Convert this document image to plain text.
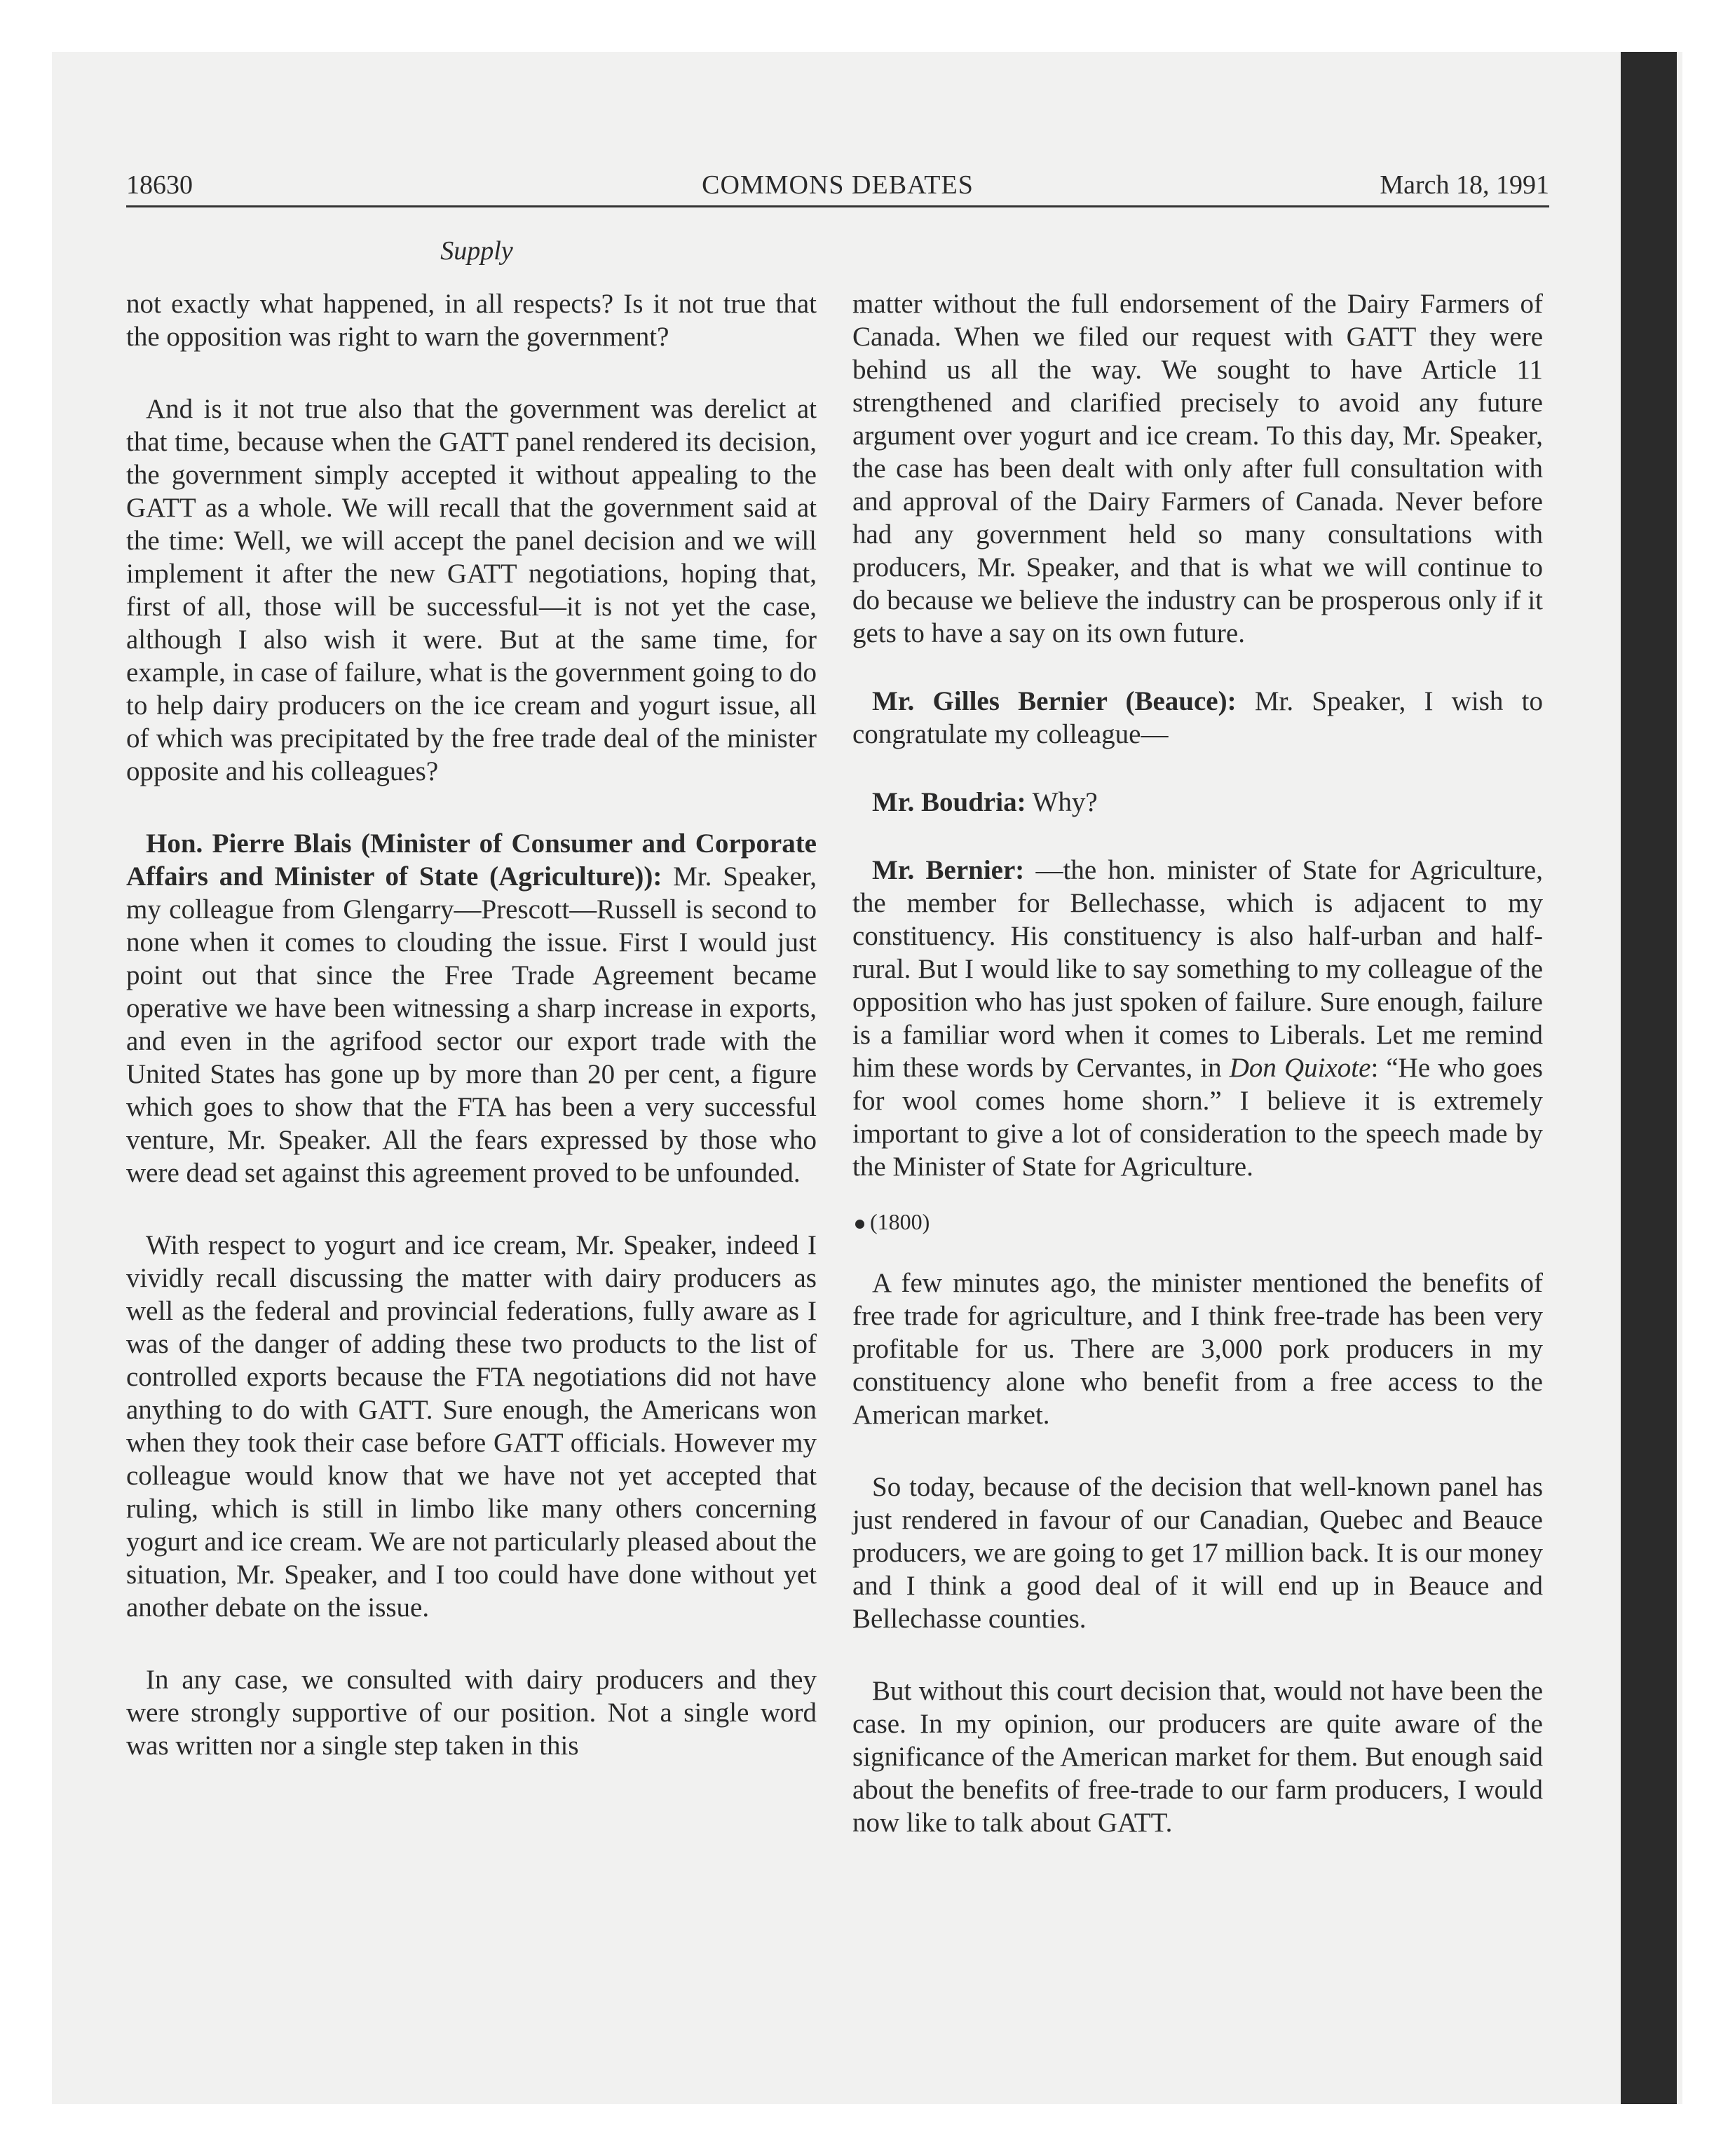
18630	COMMONS DEBATES	March 18, 1991
Supply

not exactly what happened, in all respects? Is it not true that the opposition was right to warn the government?

And is it not true also that the government was derelict at that time, because when the GATT panel rendered its decision, the government simply accepted it without appealing to the GATT as a whole. We will recall that the government said at the time: Well, we will accept the panel decision and we will implement it after the new GATT negotiations, hoping that, first of all, those will be successful—it is not yet the case, although I also wish it were. But at the same time, for example, in case of failure, what is the government going to do to help dairy producers on the ice cream and yogurt issue, all of which was precipitated by the free trade deal of the minister opposite and his colleagues?

Hon. Pierre Blais (Minister of Consumer and Corporate Affairs and Minister of State (Agriculture)): Mr. Speaker, my colleague from Glengarry—Prescott—Russell is second to none when it comes to clouding the issue. First I would just point out that since the Free Trade Agreement became operative we have been witnessing a sharp increase in exports, and even in the agrifood sector our export trade with the United States has gone up by more than 20 per cent, a figure which goes to show that the FTA has been a very successful venture, Mr. Speaker. All the fears expressed by those who were dead set against this agreement proved to be unfounded.

With respect to yogurt and ice cream, Mr. Speaker, indeed I vividly recall discussing the matter with dairy producers as well as the federal and provincial federations, fully aware as I was of the danger of adding these two products to the list of controlled exports because the FTA negotiations did not have anything to do with GATT. Sure enough, the Americans won when they took their case before GATT officials. However my colleague would know that we have not yet accepted that ruling, which is still in limbo like many others concerning yogurt and ice cream. We are not particularly pleased about the situation, Mr. Speaker, and I too could have done without yet another debate on the issue.

In any case, we consulted with dairy producers and they were strongly supportive of our position. Not a single word was written nor a single step taken in this

matter without the full endorsement of the Dairy Farmers of Canada. When we filed our request with GATT they were behind us all the way. We sought to have Article 11 strengthened and clarified precisely to avoid any future argument over yogurt and ice cream. To this day, Mr. Speaker, the case has been dealt with only after full consultation with and approval of the Dairy Farmers of Canada. Never before had any government held so many consultations with producers, Mr. Speaker, and that is what we will continue to do because we believe the industry can be prosperous only if it gets to have a say on its own future.

Mr. Gilles Bernier (Beauce): Mr. Speaker, I wish to congratulate my colleague—

Mr. Boudria: Why?

Mr. Bernier: —the hon. minister of State for Agriculture, the member for Bellechasse, which is adjacent to my constituency. His constituency is also half-urban and half-rural. But I would like to say something to my colleague of the opposition who has just spoken of failure. Sure enough, failure is a familiar word when it comes to Liberals. Let me remind him these words by Cervantes, in Don Quixote: “He who goes for wool comes home shorn.” I believe it is extremely important to give a lot of consideration to the speech made by the Minister of State for Agriculture.

(1800)

A few minutes ago, the minister mentioned the benefits of free trade for agriculture, and I think free-trade has been very profitable for us. There are 3,000 pork producers in my constituency alone who benefit from a free access to the American market.

So today, because of the decision that well-known panel has just rendered in favour of our Canadian, Quebec and Beauce producers, we are going to get 17 million back. It is our money and I think a good deal of it will end up in Beauce and Bellechasse counties.

But without this court decision that, would not have been the case. In my opinion, our producers are quite aware of the significance of the American market for them. But enough said about the benefits of free-trade to our farm producers, I would now like to talk about GATT.
